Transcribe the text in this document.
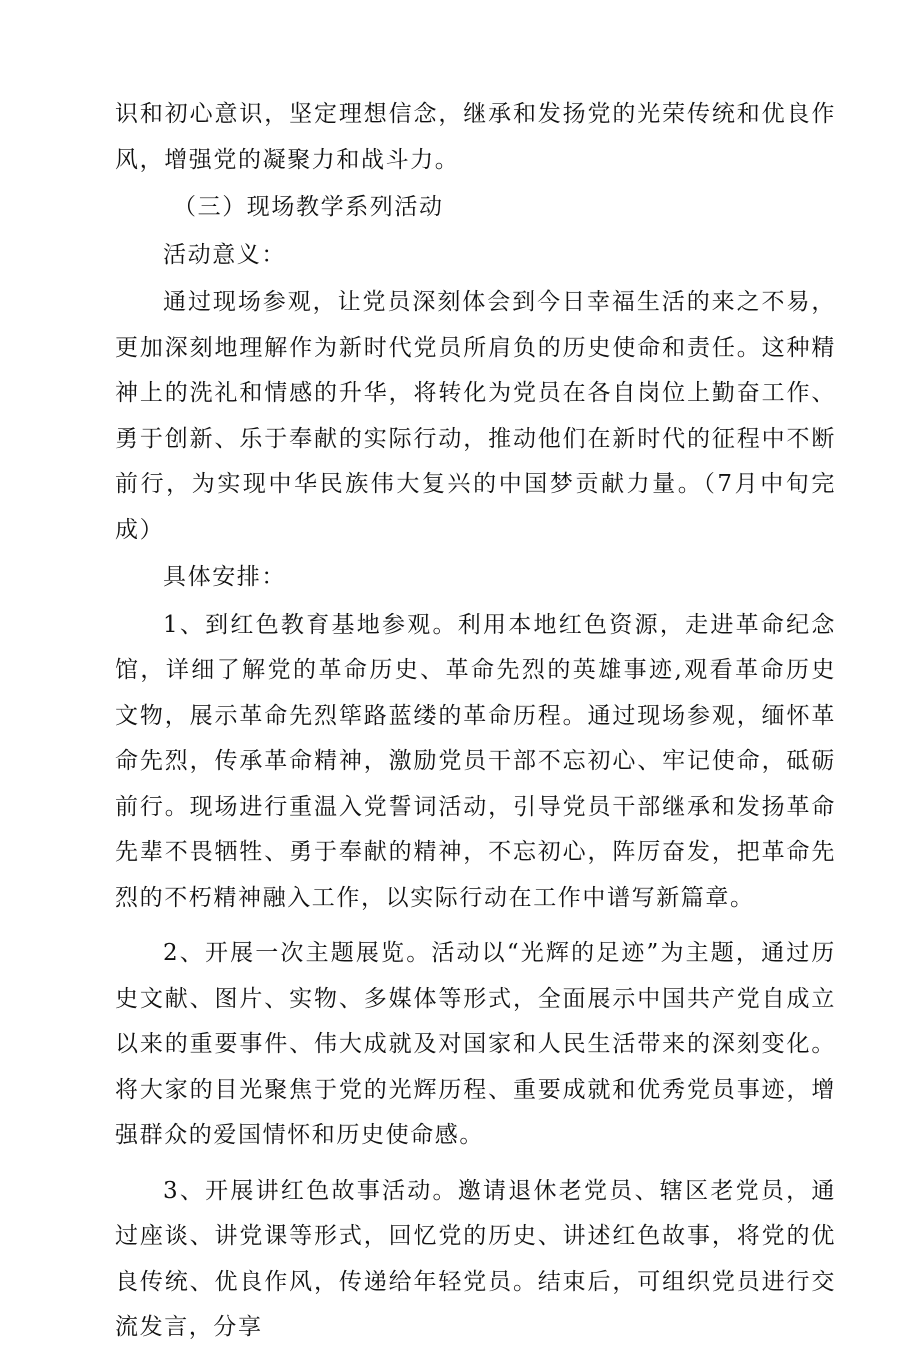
识和初心意识，坚定理想信念，继承和发扬党的光荣传统和优良作风，增强党的凝聚力和战斗力。

（三）现场教学系列活动

活动意义：

通过现场参观，让党员深刻体会到今日幸福生活的来之不易，更加深刻地理解作为新时代党员所肩负的历史使命和责任。这种精神上的洗礼和情感的升华，将转化为党员在各自岗位上勤奋工作、勇于创新、乐于奉献的实际行动，推动他们在新时代的征程中不断前行，为实现中华民族伟大复兴的中国梦贡献力量。（7月中旬完成）

具体安排：

1、到红色教育基地参观。利用本地红色资源，走进革命纪念馆，详细了解党的革命历史、革命先烈的英雄事迹,观看革命历史文物，展示革命先烈筚路蓝缕的革命历程。通过现场参观，缅怀革命先烈，传承革命精神，激励党员干部不忘初心、牢记使命，砥砺前行。现场进行重温入党誓词活动，引导党员干部继承和发扬革命先辈不畏牺牲、勇于奉献的精神，不忘初心，阵厉奋发，把革命先烈的不朽精神融入工作，以实际行动在工作中谱写新篇章。

2、开展一次主题展览。活动以“光辉的足迹”为主题，通过历史文献、图片、实物、多媒体等形式，全面展示中国共产党自成立以来的重要事件、伟大成就及对国家和人民生活带来的深刻变化。将大家的目光聚焦于党的光辉历程、重要成就和优秀党员事迹，增强群众的爱国情怀和历史使命感。

3、开展讲红色故事活动。邀请退休老党员、辖区老党员，通过座谈、讲党课等形式，回忆党的历史、讲述红色故事，将党的优良传统、优良作风，传递给年轻党员。结束后，可组织党员进行交流发言，分享
